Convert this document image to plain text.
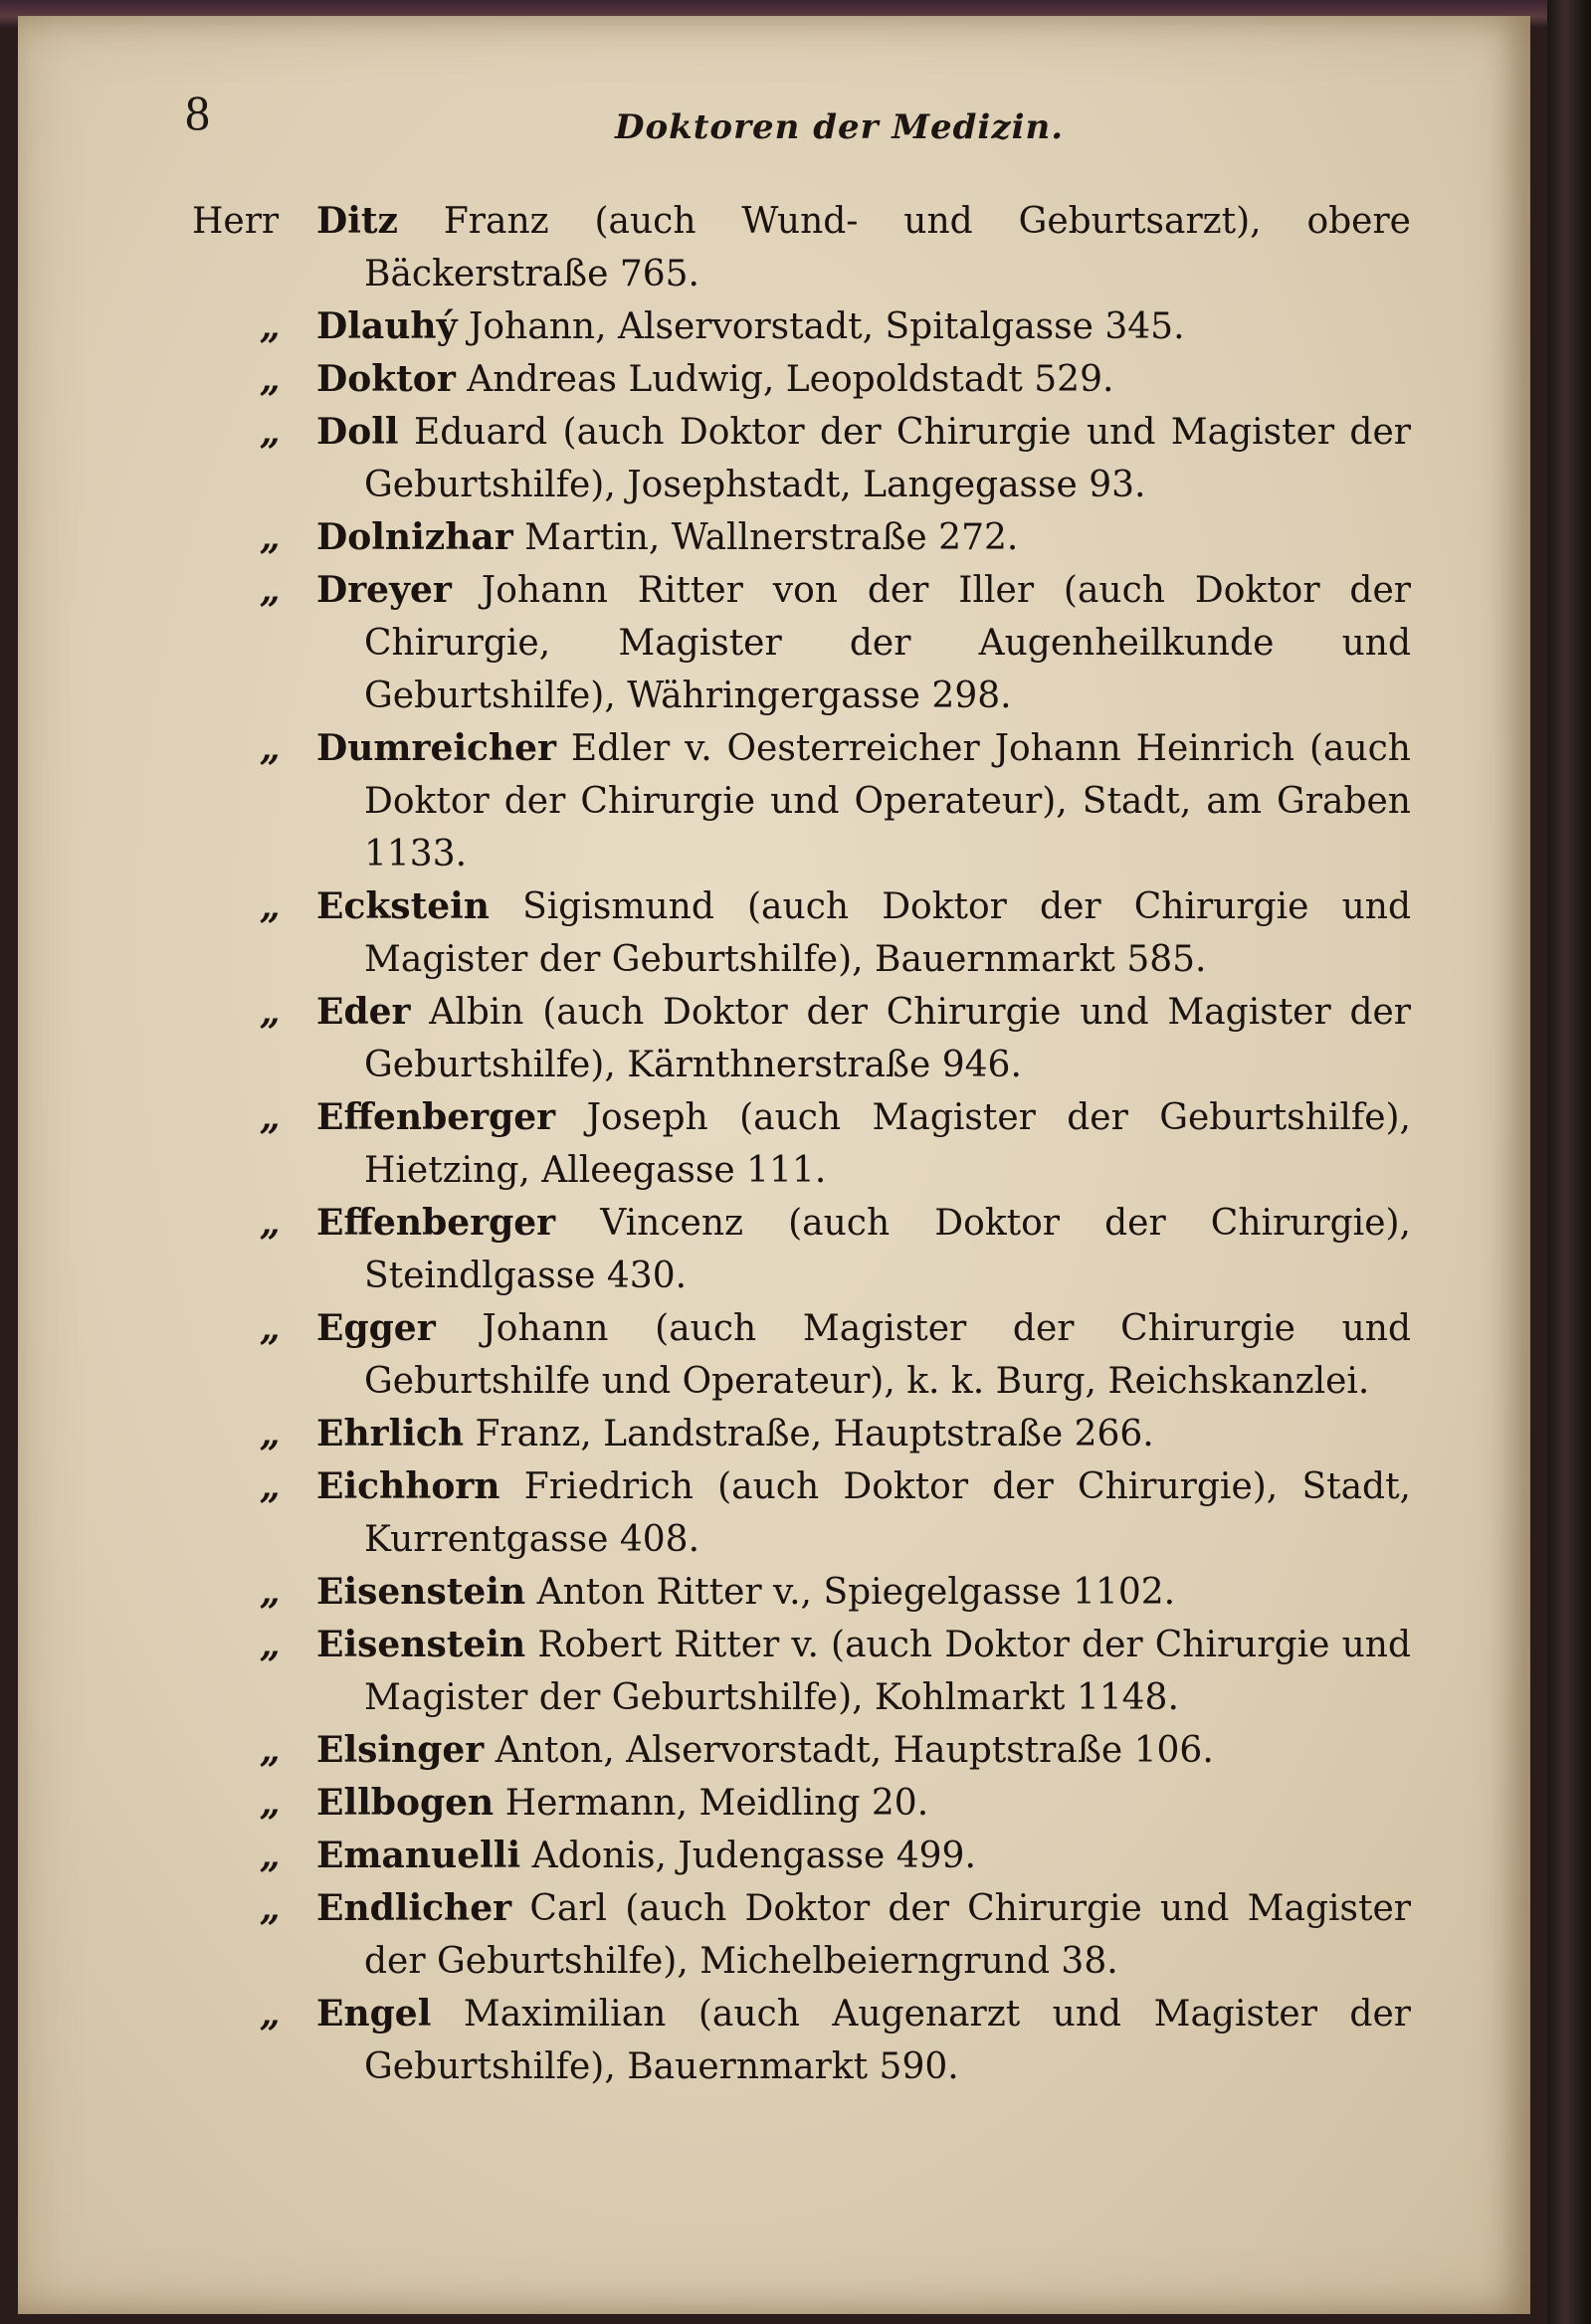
8	Doktoren der Medizin.
Herr	Ditz Franz (auch Wund- und Geburtsarzt), obere Bäckerstraße 765.
„	Dlauhý Johann, Alservorstadt, Spitalgasse 345.
„	Doktor Andreas Ludwig, Leopoldstadt 529.
„	Doll Eduard (auch Doktor der Chirurgie und Magister der Geburtshilfe), Josephstadt, Langegasse 93.
„	Dolnizhar Martin, Wallnerstraße 272.
„	Dreyer Johann Ritter von der Iller (auch Doktor der Chirurgie, Magister der Augenheilkunde und Geburtshilfe), Währingergasse 298.
„	Dumreicher Edler v. Oesterreicher Johann Heinrich (auch Doktor der Chirurgie und Operateur), Stadt, am Graben 1133.
„	Eckstein Sigismund (auch Doktor der Chirurgie und Magister der Geburtshilfe), Bauernmarkt 585.
„	Eder Albin (auch Doktor der Chirurgie und Magister der Geburtshilfe), Kärnthnerstraße 946.
„	Effenberger Joseph (auch Magister der Geburtshilfe), Hietzing, Alleegasse 111.
„	Effenberger Vincenz (auch Doktor der Chirurgie), Steindlgasse 430.
„	Egger Johann (auch Magister der Chirurgie und Geburtshilfe und Operateur), k. k. Burg, Reichskanzlei.
„	Ehrlich Franz, Landstraße, Hauptstraße 266.
„	Eichhorn Friedrich (auch Doktor der Chirurgie), Stadt, Kurrentgasse 408.
„	Eisenstein Anton Ritter v., Spiegelgasse 1102.
„	Eisenstein Robert Ritter v. (auch Doktor der Chirurgie und Magister der Geburtshilfe), Kohlmarkt 1148.
„	Elsinger Anton, Alservorstadt, Hauptstraße 106.
„	Ellbogen Hermann, Meidling 20.
„	Emanuelli Adonis, Judengasse 499.
„	Endlicher Carl (auch Doktor der Chirurgie und Magister der Geburtshilfe), Michelbeierngrund 38.
„	Engel Maximilian (auch Augenarzt und Magister der Geburtshilfe), Bauernmarkt 590.
